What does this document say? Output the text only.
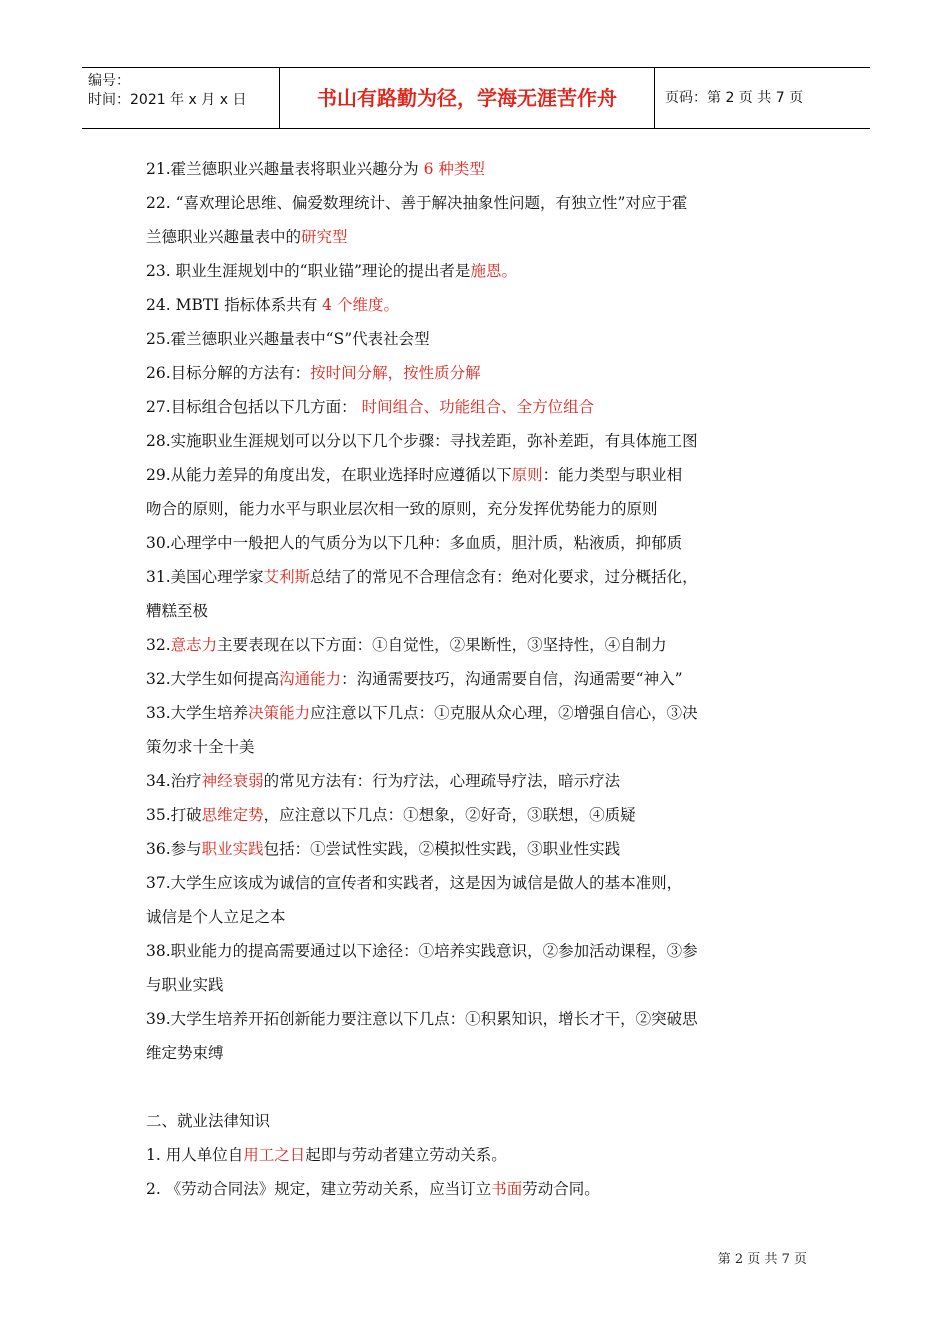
编号：
时间：2021 年 x 月 x 日	书山有路勤为径，学海无涯苦作舟	页码：第 2 页 共 7 页
21.霍兰德职业兴趣量表将职业兴趣分为 6 种类型
22. “喜欢理论思维、偏爱数理统计、善于解决抽象性问题，有独立性”对应于霍
兰德职业兴趣量表中的研究型
23. 职业生涯规划中的“职业锚”理论的提出者是施恩。
24. MBTI 指标体系共有 4 个维度。
25.霍兰德职业兴趣量表中“S”代表社会型
26.目标分解的方法有：按时间分解，按性质分解
27.目标组合包括以下几方面： 时间组合、功能组合、全方位组合
28.实施职业生涯规划可以分以下几个步骤：寻找差距，弥补差距，有具体施工图
29.从能力差异的角度出发，在职业选择时应遵循以下原则：能力类型与职业相
吻合的原则，能力水平与职业层次相一致的原则，充分发挥优势能力的原则
30.心理学中一般把人的气质分为以下几种：多血质，胆汁质，粘液质，抑郁质
31.美国心理学家艾利斯总结了的常见不合理信念有：绝对化要求，过分概括化，
糟糕至极
32.意志力主要表现在以下方面：①自觉性，②果断性，③坚持性，④自制力
32.大学生如何提高沟通能力：沟通需要技巧，沟通需要自信，沟通需要“神入”
33.大学生培养决策能力应注意以下几点：①克服从众心理，②增强自信心，③决
策勿求十全十美
34.治疗神经衰弱的常见方法有：行为疗法，心理疏导疗法，暗示疗法
35.打破思维定势，应注意以下几点：①想象，②好奇，③联想，④质疑
36.参与职业实践包括：①尝试性实践，②模拟性实践，③职业性实践
37.大学生应该成为诚信的宣传者和实践者，这是因为诚信是做人的基本准则，
诚信是个人立足之本
38.职业能力的提高需要通过以下途径：①培养实践意识，②参加活动课程，③参
与职业实践
39.大学生培养开拓创新能力要注意以下几点：①积累知识，增长才干，②突破思
维定势束缚
二、就业法律知识
1. 用人单位自用工之日起即与劳动者建立劳动关系。
2. 《劳动合同法》规定，建立劳动关系，应当订立书面劳动合同。
第 2 页 共 7 页
